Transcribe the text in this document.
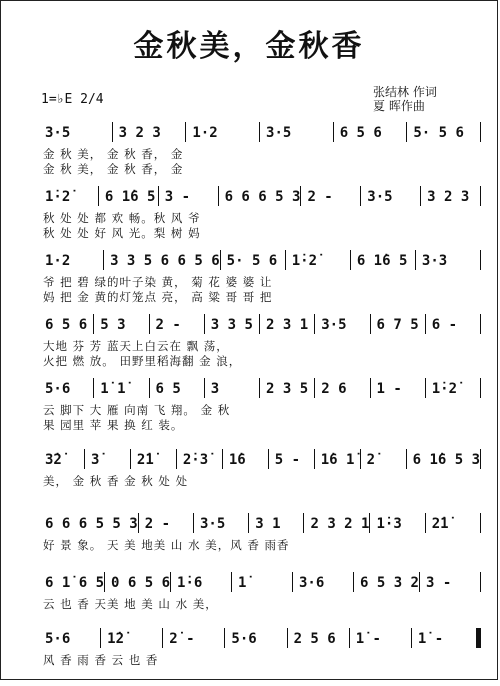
金秋美，金秋香
1=♭E 2/4	张结林 作词
夏 晖作曲
3·5	3 2 3	1·2	3·5	6 5 6	5· 5 6
金 秋 美， 金 秋 香， 金
金 秋 美， 金 秋 香， 金
1̇·2̇	6 1̇6 5 3 -	6 6 6 5 3 2 -	3·5	3 2 3
秋 处 处 都 欢 畅。秋 风 爷
秋 处 处 好 风 光。梨 树 妈
1·2	3 3 5 6 6 5 6 5· 5 6	1̇·2̇	6 1̇6 5	3·3
爷 把 碧 绿的叶子染 黄， 菊 花 婆 婆 让
妈 把 金 黄的灯笼点 亮， 高 粱 哥 哥 把
6 5 6 5 3	2 -	3 3 5 2 3 1 3·5	6 7 5 6 -
大地 芬 芳 蓝天上白云在 飘 荡，
火把 燃 放。 田野里稻海翻 金 浪，
5·6	1̇ 1̇	6 5	3	2 3 5 2 6	1 -	1̇·2̇
云 脚下 大 雁 向南 飞 翔。 金 秋
果 园里 苹 果 换 红 装。
3̇2̇	3̇	2̇1̇	2̇·3̇	1̇6	5 -	1̇6 1̇ 2̇	6 1̇6 5 3
美， 金 秋 香 金 秋 处 处
6 6 6 5 5 3 2 -	3·5	3 1	2 3 2 1 1̇·3	2̇1̇
好 景 象。 天 美 地美 山 水 美，风 香 雨香
6 1̇ 6 5 0 6 5 6 1̇·6	1̇	3·6	6 5 3 2 3 -
云 也 香 天美 地 美 山 水 美，
5·6	1̇2̇	2̇ -	5·6	2 5 6	1̇ -	1̇ -
风 香 雨 香 云 也 香
